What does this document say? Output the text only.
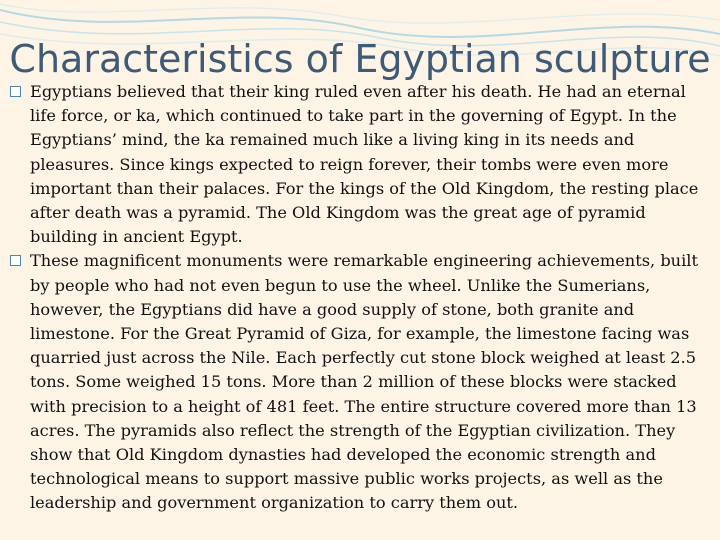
Characteristics of Egyptian sculpture

Egyptians believed that their king ruled even after his death. He had an eternal life force, or ka, which continued to take part in the governing of Egypt. In the Egyptians’ mind, the ka remained much like a living king in its needs and pleasures. Since kings expected to reign forever, their tombs were even more important than their palaces. For the kings of the Old Kingdom, the resting place after death was a pyramid. The Old Kingdom was the great age of pyramid building in ancient Egypt.

These magnificent monuments were remarkable engineering achievements, built by people who had not even begun to use the wheel. Unlike the Sumerians, however, the Egyptians did have a good supply of stone, both granite and limestone. For the Great Pyramid of Giza, for example, the limestone facing was quarried just across the Nile. Each perfectly cut stone block weighed at least 2.5 tons. Some weighed 15 tons. More than 2 million of these blocks were stacked with precision to a height of 481 feet. The entire structure covered more than 13 acres. The pyramids also reflect the strength of the Egyptian civilization. They show that Old Kingdom dynasties had developed the economic strength and technological means to support massive public works projects, as well as the leadership and government organization to carry them out.
